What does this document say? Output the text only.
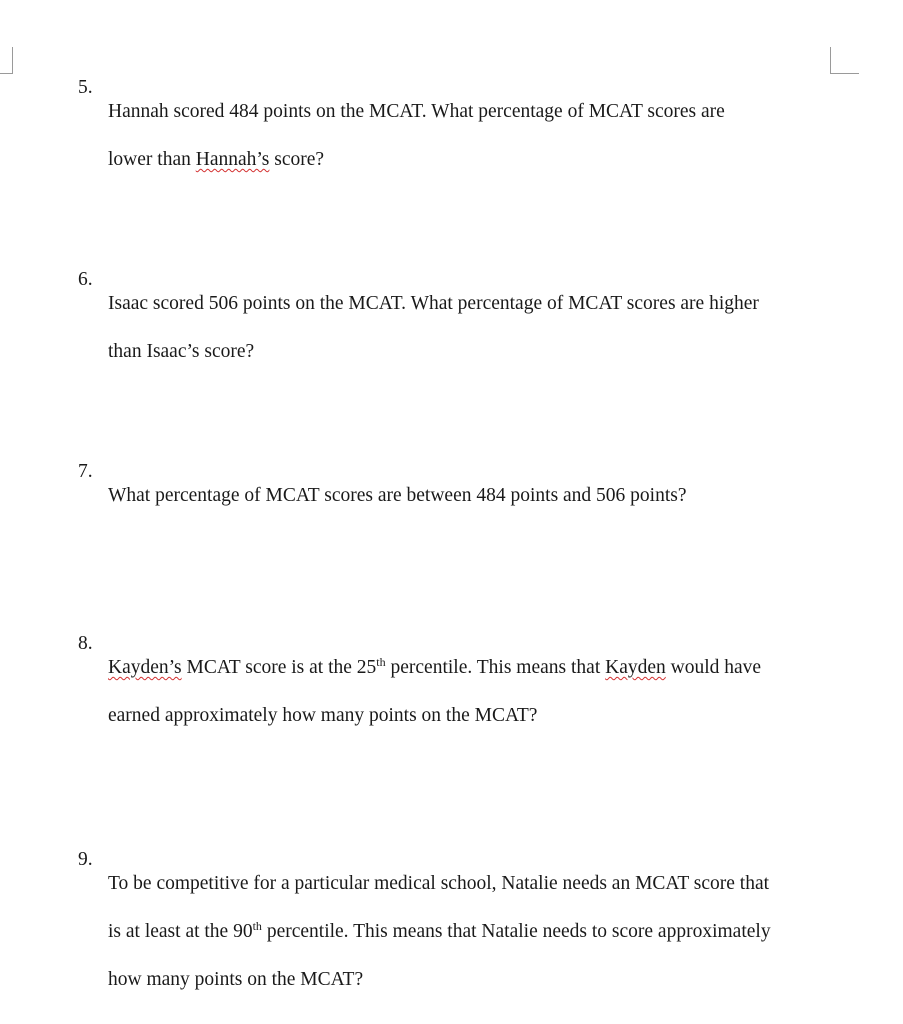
5.

Hannah scored 484 points on the MCAT. What percentage of MCAT scores are

lower than Hannah’s score?

6.

Isaac scored 506 points on the MCAT. What percentage of MCAT scores are higher

than Isaac’s score?

7.

What percentage of MCAT scores are between 484 points and 506 points?

8.

Kayden’s MCAT score is at the 25th percentile. This means that Kayden would have

earned approximately how many points on the MCAT?

9.

To be competitive for a particular medical school, Natalie needs an MCAT score that

is at least at the 90th percentile. This means that Natalie needs to score approximately

how many points on the MCAT?
